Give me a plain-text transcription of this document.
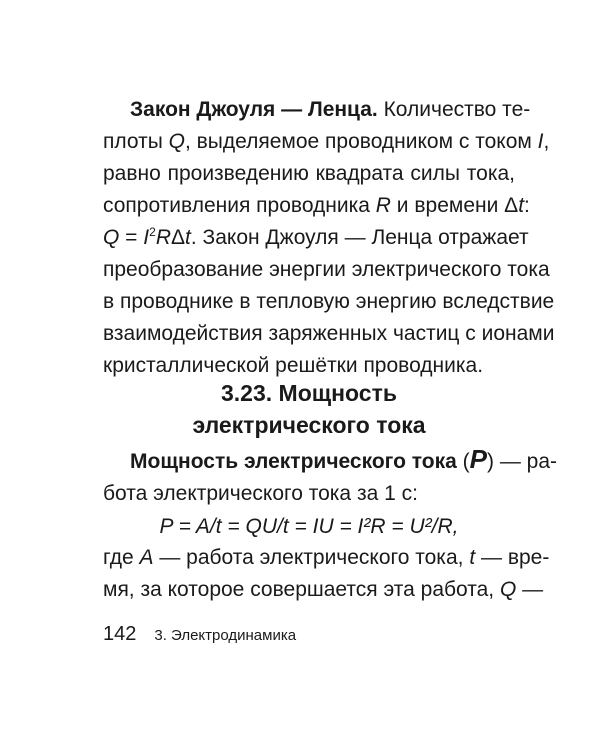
Закон Джоуля — Ленца. Количество те-
плоты Q, выделяемое проводником с током I,
равно произведению квадрата силы тока,
сопротивления проводника R и времени Δt:
$Q = I^2R\Delta t$. Закон Джоуля — Ленца отражает
преобразование энергии электрического тока
в проводнике в тепловую энергию вследствие
взаимодействия заряженных частиц с ионами
кристаллической решётки проводника.
3.23. Мощность
электрического тока
Мощность электрического тока (P) — ра-
бота электрического тока за 1 с:
P = A/t = QU/t = IU = I²R = U²/R,
где A — работа электрического тока, t — вре-
мя, за которое совершается эта работа, Q —
142 3. Электродинамика
